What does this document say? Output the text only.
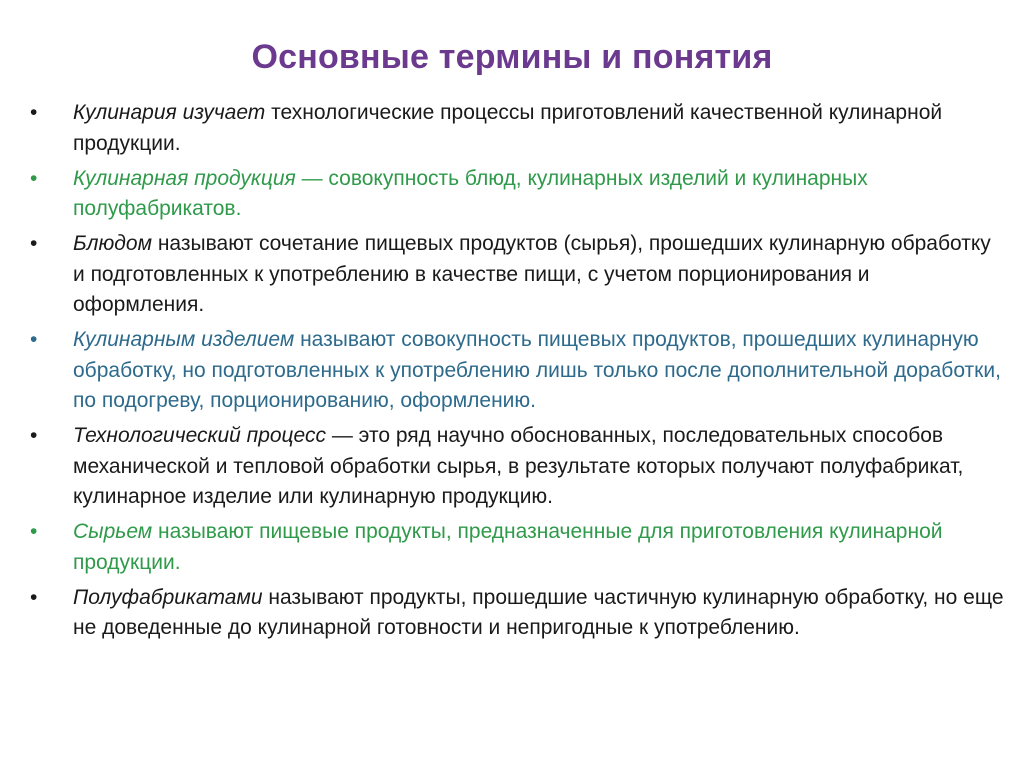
Основные термины и понятия
•	Кулинария изучает технологические процессы приготовлений качественной кулинарной продукции.
•	Кулинарная продукция — совокупность блюд, кулинарных изделий и кулинарных полуфабрикатов.
•	Блюдом называют сочетание пищевых продуктов (сырья), прошедших кулинарную обработку и подготовленных к употреблению в качестве пищи, с учетом порционирования и оформления.
•	Кулинарным изделием называют совокупность пищевых продуктов, прошедших кулинарную обработку, но подготовленных к употреблению лишь только после дополнительной доработки, по подогреву, порционированию, оформлению.
•	Технологический процесс — это ряд научно обоснованных, последовательных способов механической и тепловой обработки сырья, в результате которых получают полуфабрикат, кулинарное изделие или кулинарную продукцию.
•	Сырьем называют пищевые продукты, предназначенные для приготовления кулинарной продукции.
•	Полуфабрикатами называют продукты, прошедшие частичную кулинарную обработку, но еще не доведенные до кулинарной готовности и непригодные к употреблению.
